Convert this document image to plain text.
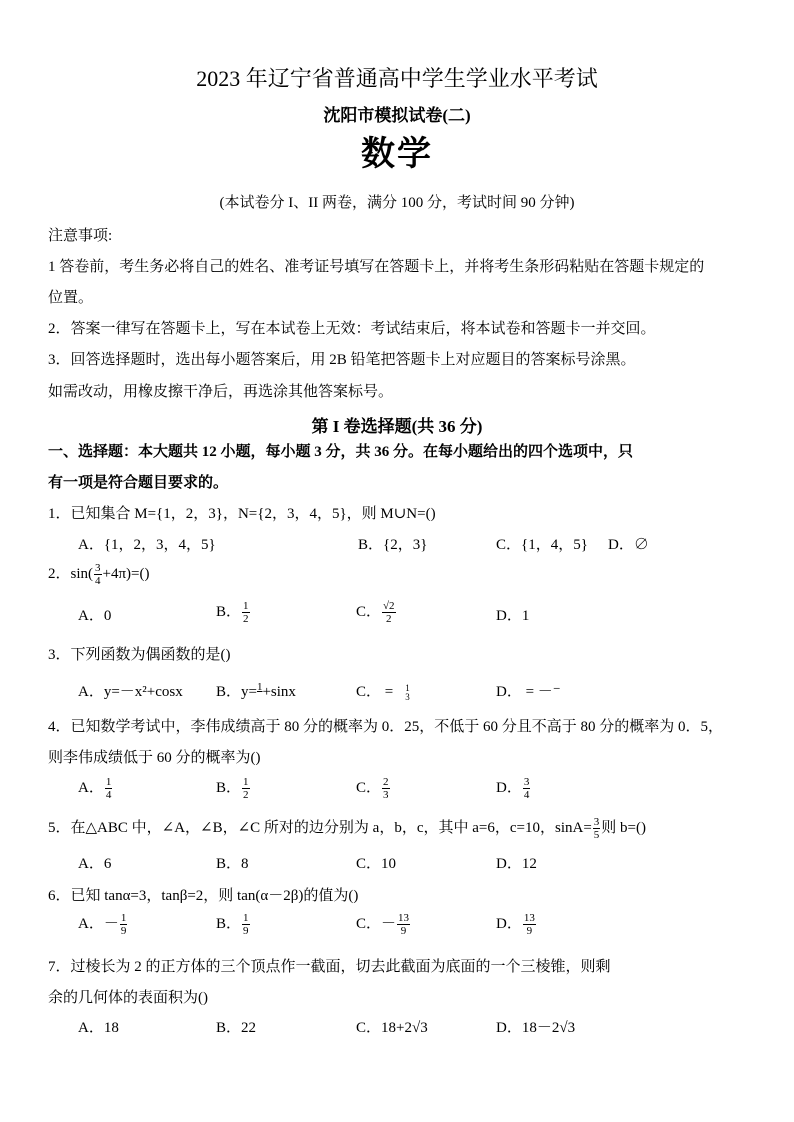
2023 年辽宁省普通高中学生学业水平考试
沈阳市模拟试卷(二)
数学
(本试卷分 I、II 两卷，满分 100 分，考试时间 90 分钟)
注意事项:
1 答卷前，考生务必将自己的姓名、准考证号填写在答题卡上，并将考生条形码粘贴在答题卡规定的
位置。
2．答案一律写在答题卡上，写在本试卷上无效：考试结束后，将本试卷和答题卡一并交回。
3．回答选择题时，选出每小题答案后，用 2B 铅笔把答题卡上对应题目的答案标号涂黑。
如需改动，用橡皮擦干净后，再选涂其他答案标号。
第 I 卷选择题(共 36 分)
一、选择题：本大题共 12 小题，每小题 3 分，共 36 分。在每小题给出的四个选项中，只
有一项是符合题目要求的。
1．已知集合 M={1，2，3}，N={2，3，4，5}，则 M∪N=()
A．{1，2，3，4，5}	B．{2，3}	C．{1，4，5} D．∅
2．$\sin( \frac{3}{4} +4\pi)=()$
A．0	B． $\frac{1}{2}$	C． $\frac{√2}{2}$	D．1
3．下列函数为偶函数的是()
A．y=－x²+cosx B．y=$^1$+sinx	C． = 1
3	D． = －⁻
4．已知数学考试中，李伟成绩高于 80 分的概率为 0．25，不低于 60 分且不高于 80 分的概率为 0．5，
则李伟成绩低于 60 分的概率为()
A． $\frac{1}{4}$	B． $\frac{1}{2}$	C． $\frac{2}{3}$	D． $\frac{3}{4}$
5．在△ABC 中，∠A，∠B，∠C 所对的边分别为 a，b，c，其中 a=6，c=10，$\sin A= \frac{3}{5}$ 则 b=()
A．6	B．8	C．10	D．12
6．已知 tanα=3，tanβ=2，则 tan(α－2β)的值为()
A．－ $\frac{1}{9}$	B． $\frac{1}{9}$	C．－ $\frac{13}{9}$	D． $\frac{13}{9}$
7．过棱长为 2 的正方体的三个顶点作一截面，切去此截面为底面的一个三棱锥，则剩
余的几何体的表面积为()
A．18	B．22	C．18+2√3	D．18－2√3
